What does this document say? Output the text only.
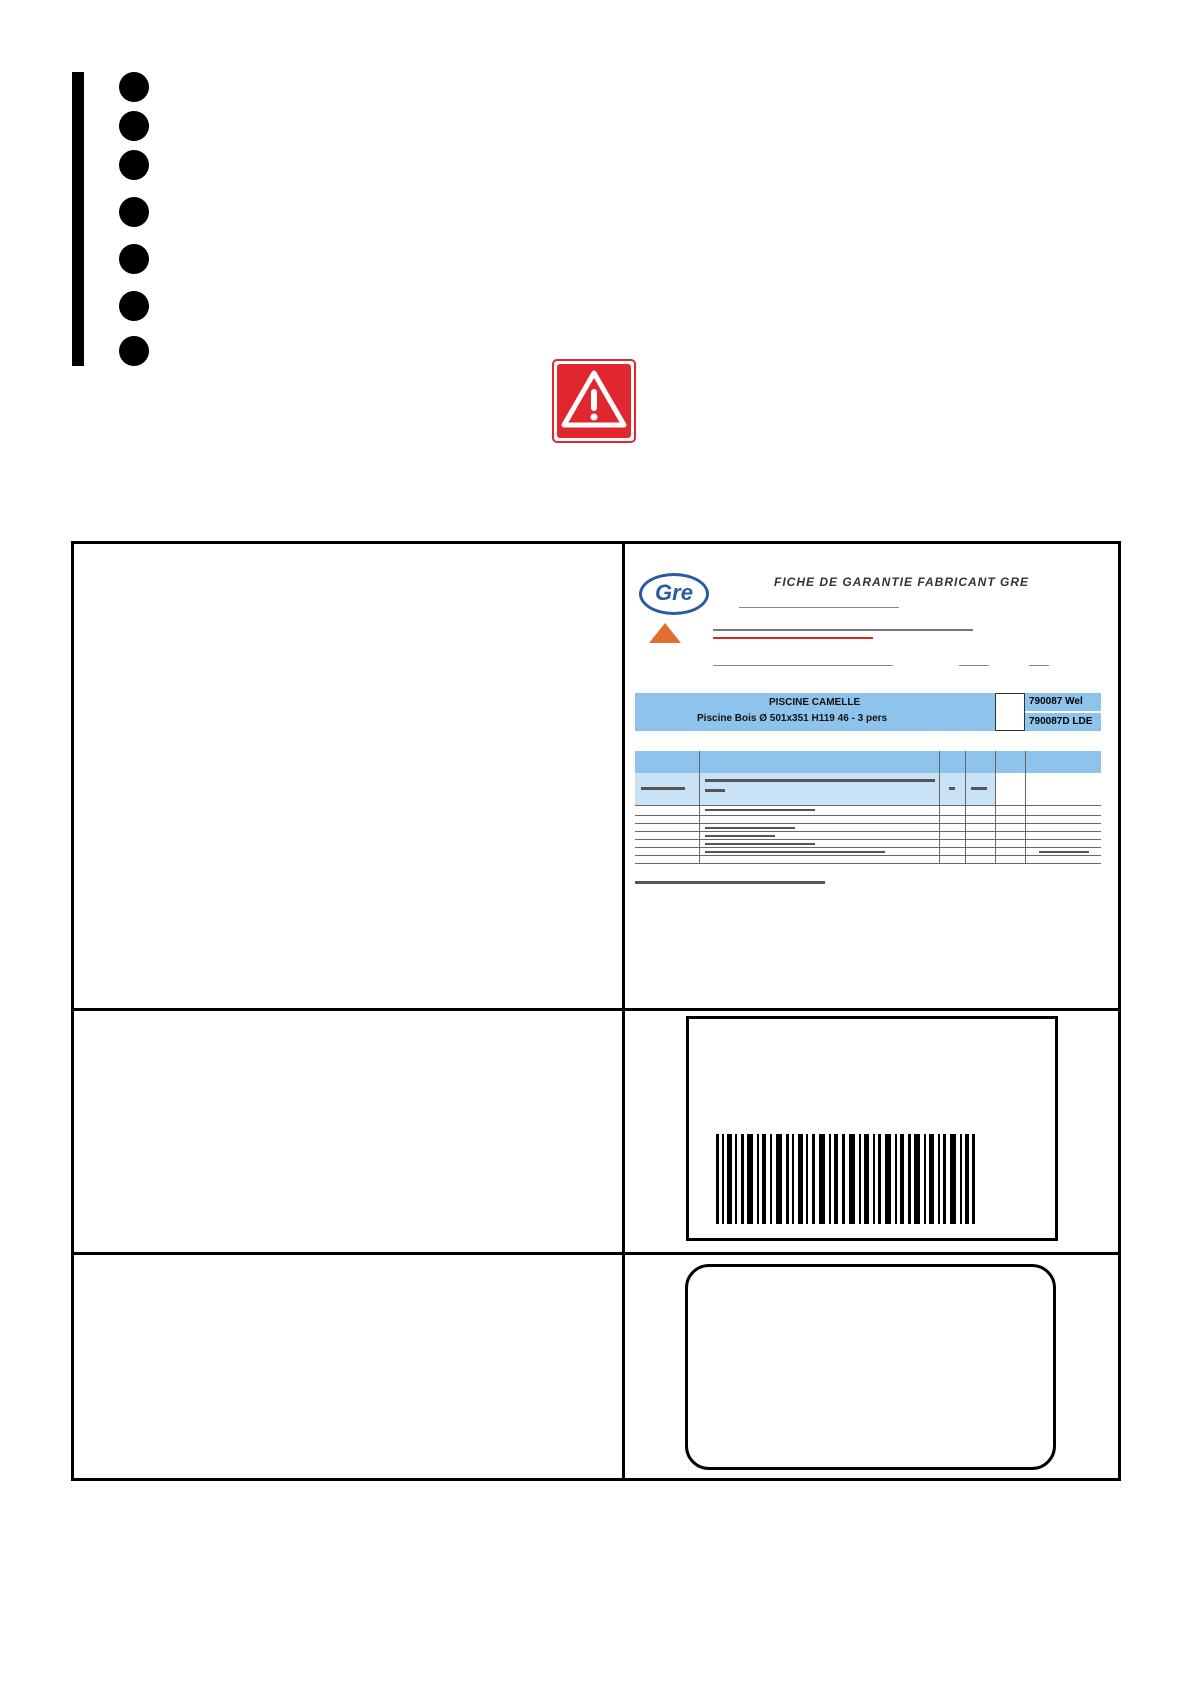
Gre	FICHE DE GARANTIE FABRICANT GRE
PISCINE CAMELLE
Piscine Bois Ø 501x351 H119 46 - 3 pers
790087 Wel
790087D LDE
